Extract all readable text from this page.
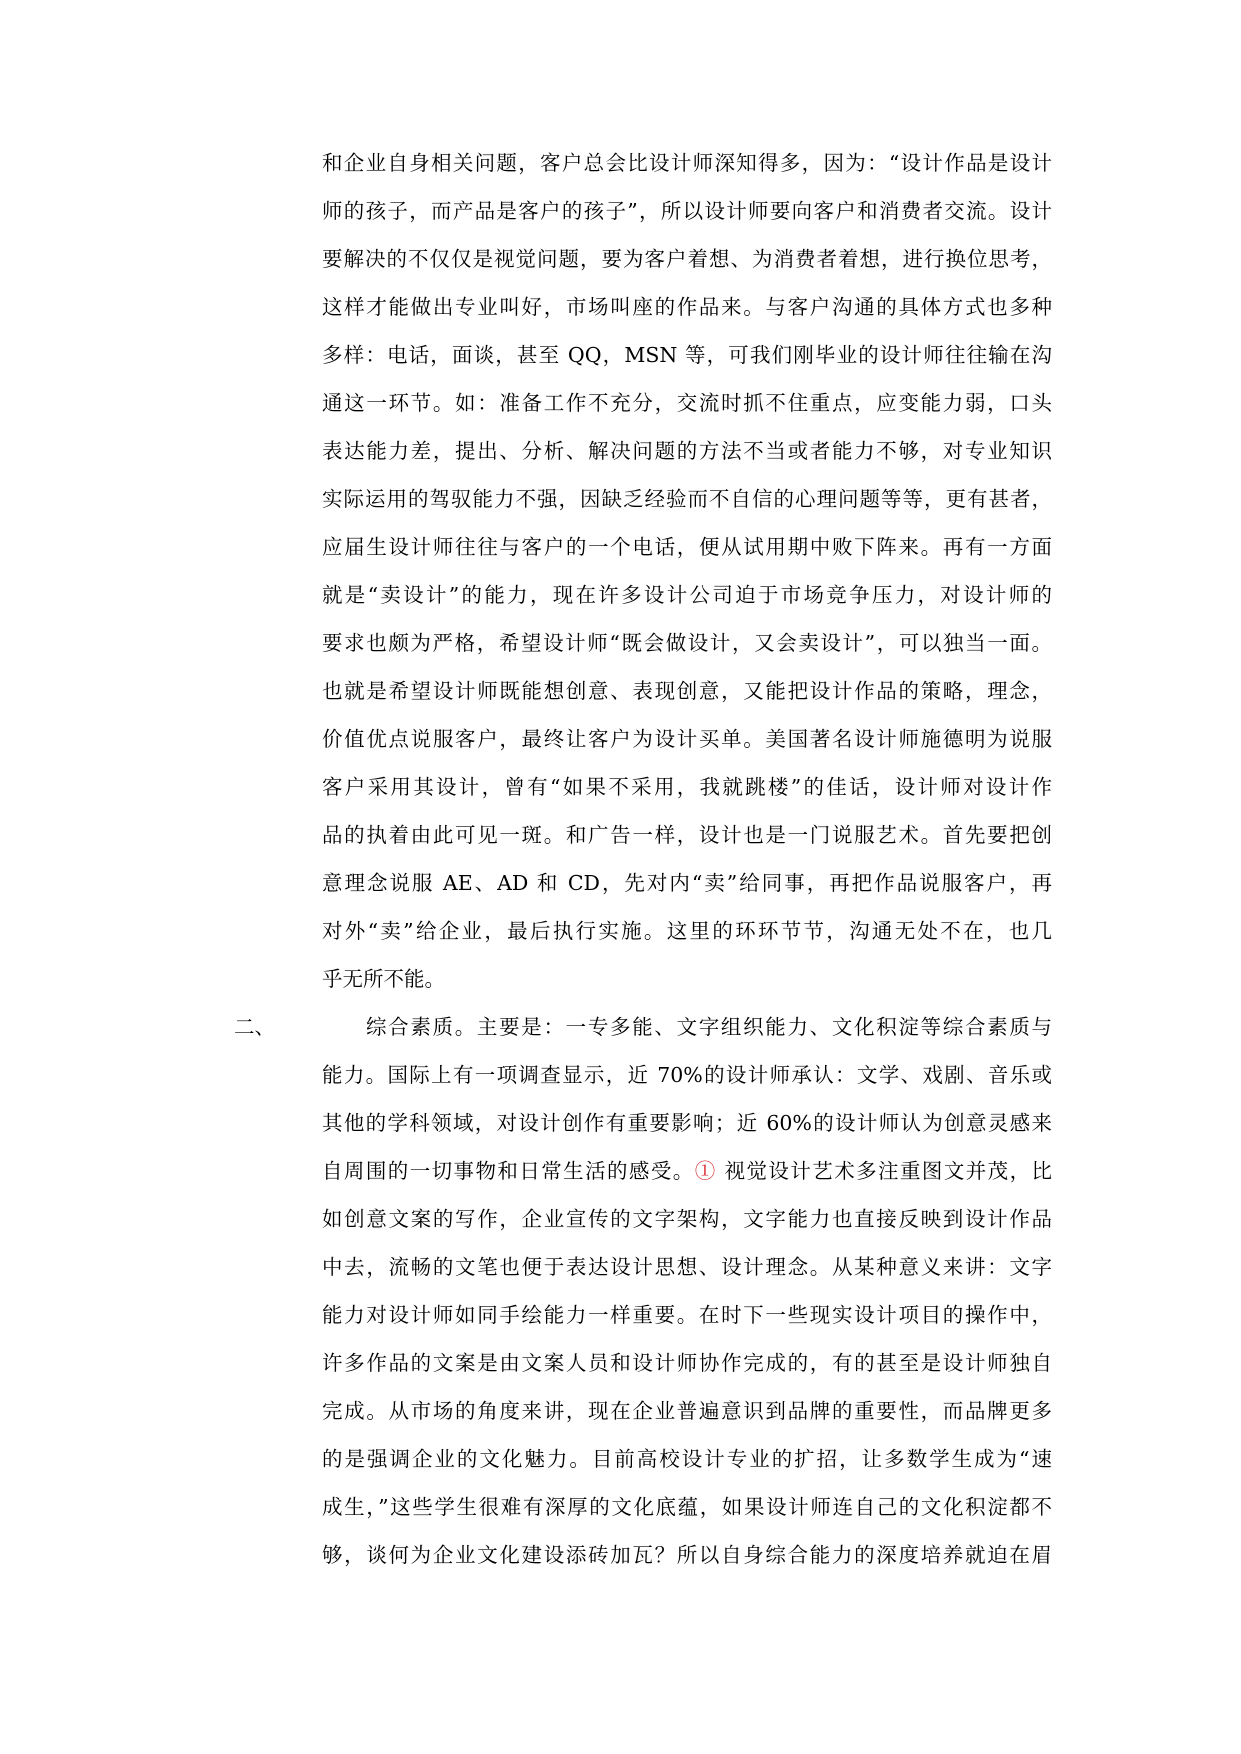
和企业自身相关问题，客户总会比设计师深知得多，因为：“设计作品是设计
师的孩子，而产品是客户的孩子”，所以设计师要向客户和消费者交流。设计
要解决的不仅仅是视觉问题，要为客户着想、为消费者着想，进行换位思考，
这样才能做出专业叫好，市场叫座的作品来。与客户沟通的具体方式也多种
多样：电话，面谈，甚至 QQ，MSN 等，可我们刚毕业的设计师往往输在沟
通这一环节。如：准备工作不充分，交流时抓不住重点，应变能力弱，口头
表达能力差，提出、分析、解决问题的方法不当或者能力不够，对专业知识
实际运用的驾驭能力不强，因缺乏经验而不自信的心理问题等等，更有甚者，
应届生设计师往往与客户的一个电话，便从试用期中败下阵来。再有一方面
就是“卖设计”的能力，现在许多设计公司迫于市场竞争压力，对设计师的
要求也颇为严格，希望设计师“既会做设计，又会卖设计”，可以独当一面。
也就是希望设计师既能想创意、表现创意，又能把设计作品的策略，理念，
价值优点说服客户，最终让客户为设计买单。美国著名设计师施德明为说服
客户采用其设计，曾有“如果不采用，我就跳楼”的佳话，设计师对设计作
品的执着由此可见一斑。和广告一样，设计也是一门说服艺术。首先要把创
意理念说服 AE、AD 和 CD，先对内“卖”给同事，再把作品说服客户，再
对外“卖”给企业，最后执行实施。这里的环环节节，沟通无处不在，也几
乎无所不能。
二、	综合素质。主要是：一专多能、文字组织能力、文化积淀等综合素质与
能力。国际上有一项调查显示，近 70%的设计师承认：文学、戏剧、音乐或
其他的学科领域，对设计创作有重要影响；近 60%的设计师认为创意灵感来
自周围的一切事物和日常生活的感受。① 视觉设计艺术多注重图文并茂，比
如创意文案的写作，企业宣传的文字架构，文字能力也直接反映到设计作品
中去，流畅的文笔也便于表达设计思想、设计理念。从某种意义来讲：文字
能力对设计师如同手绘能力一样重要。在时下一些现实设计项目的操作中，
许多作品的文案是由文案人员和设计师协作完成的，有的甚至是设计师独自
完成。从市场的角度来讲，现在企业普遍意识到品牌的重要性，而品牌更多
的是强调企业的文化魅力。目前高校设计专业的扩招，让多数学生成为“速
成生，”这些学生很难有深厚的文化底蕴，如果设计师连自己的文化积淀都不
够，谈何为企业文化建设添砖加瓦？所以自身综合能力的深度培养就迫在眉
